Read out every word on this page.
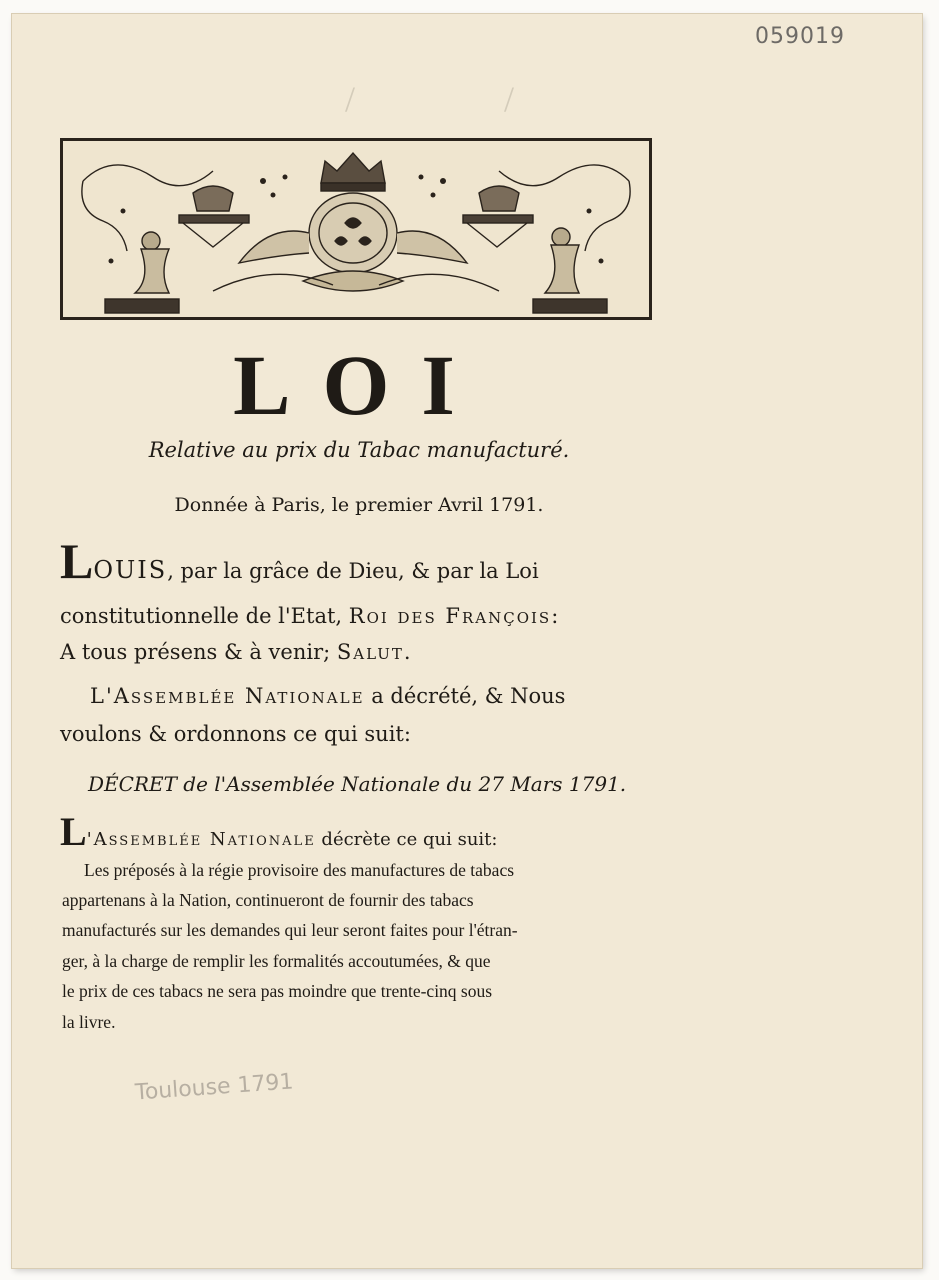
059019
/	/
LOI
Relative au prix du Tabac manufacturé.
Donnée à Paris, le premier Avril 1791.
LOUIS, par la grâce de Dieu, & par la Loi
constitutionnelle de l'Etat, Roi des François:
A tous présens & à venir; Salut.
L'Assemblée Nationale a décrété, & Nous
voulons & ordonnons ce qui suit:
DÉCRET de l'Assemblée Nationale du 27 Mars 1791.
L'Assemblée Nationale décrète ce qui suit:
Les préposés à la régie provisoire des manufactures de tabacs
appartenans à la Nation, continueront de fournir des tabacs
manufacturés sur les demandes qui leur seront faites pour l'étran-
ger, à la charge de remplir les formalités accoutumées, & que
le prix de ces tabacs ne sera pas moindre que trente-cinq sous
la livre.
Toulouse 1791
